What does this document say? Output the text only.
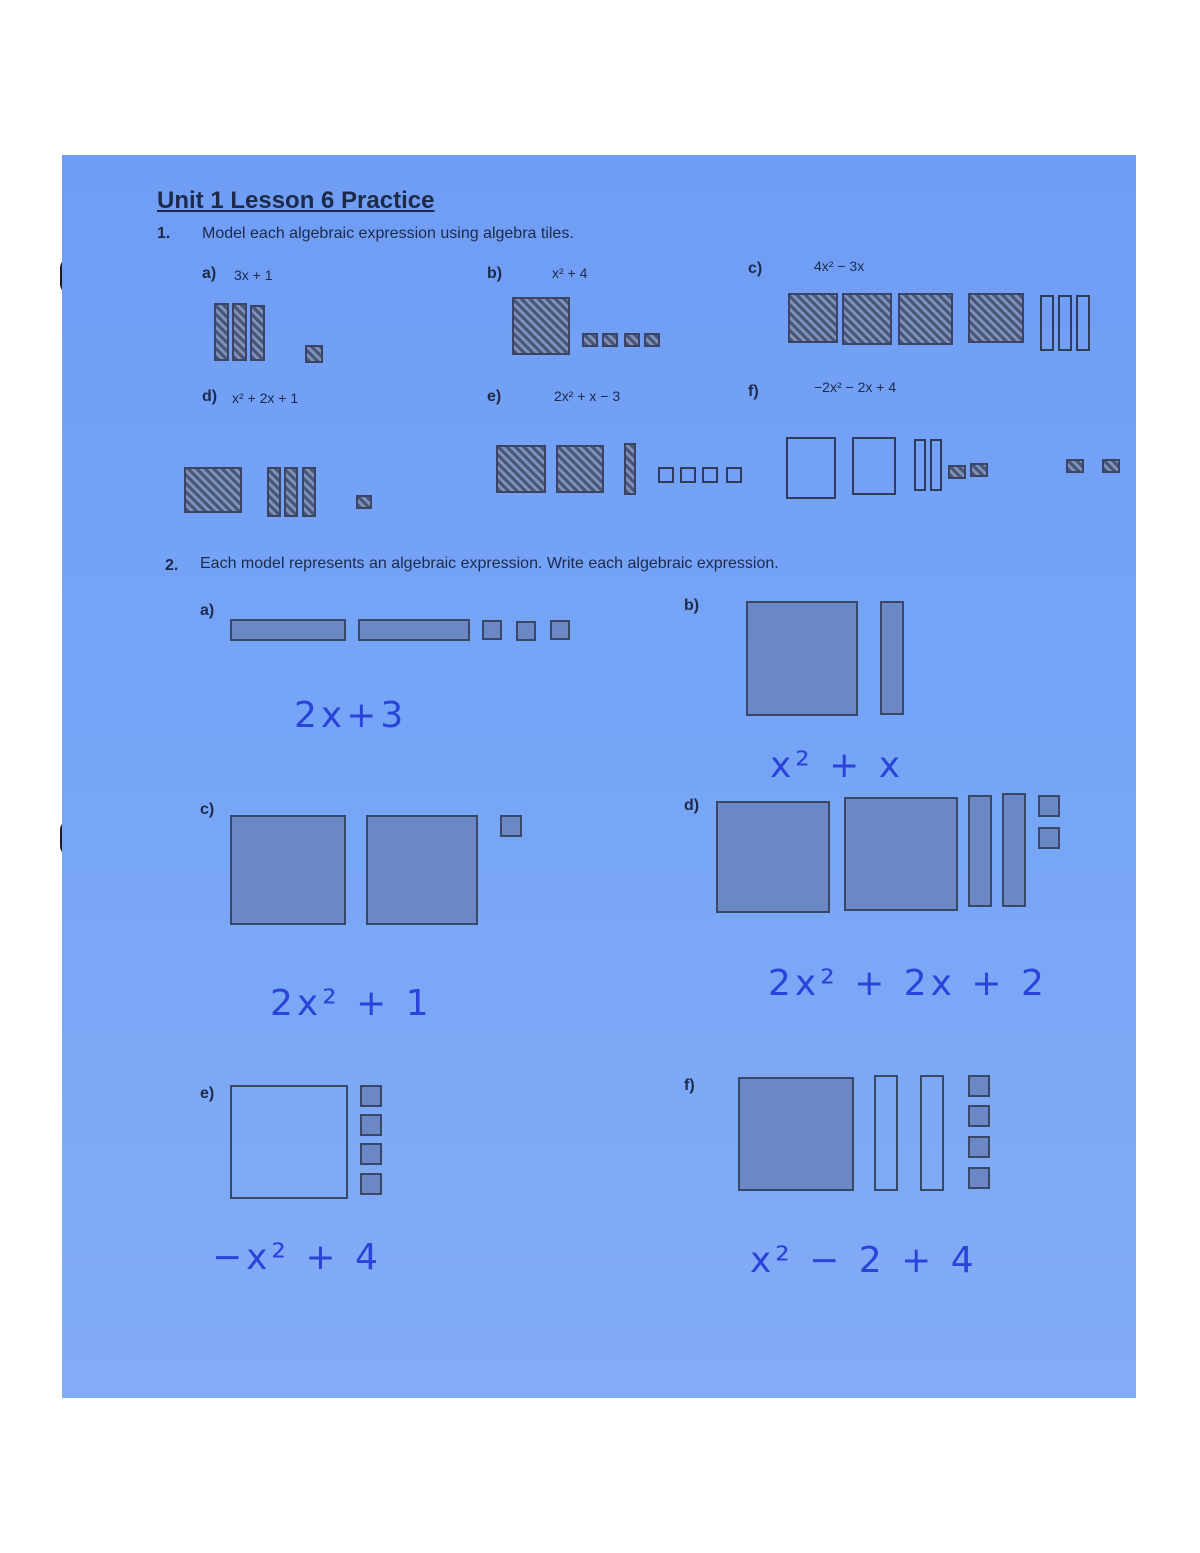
Unit 1 Lesson 6 Practice
1. Model each algebraic expression using algebra tiles.
a) 3x + 1	b)	x² + 4	c)	4x² − 3x
d) x² + 2x + 1	e)	2x² + x − 3	f)	−2x² − 2x + 4
2. Each model represents an algebraic expression. Write each algebraic expression.
a)
2x+3
b)
x² + x
c)
2x² + 1
d)
2x² + 2x + 2
e)
−x² + 4
f)
x² − 2 + 4
